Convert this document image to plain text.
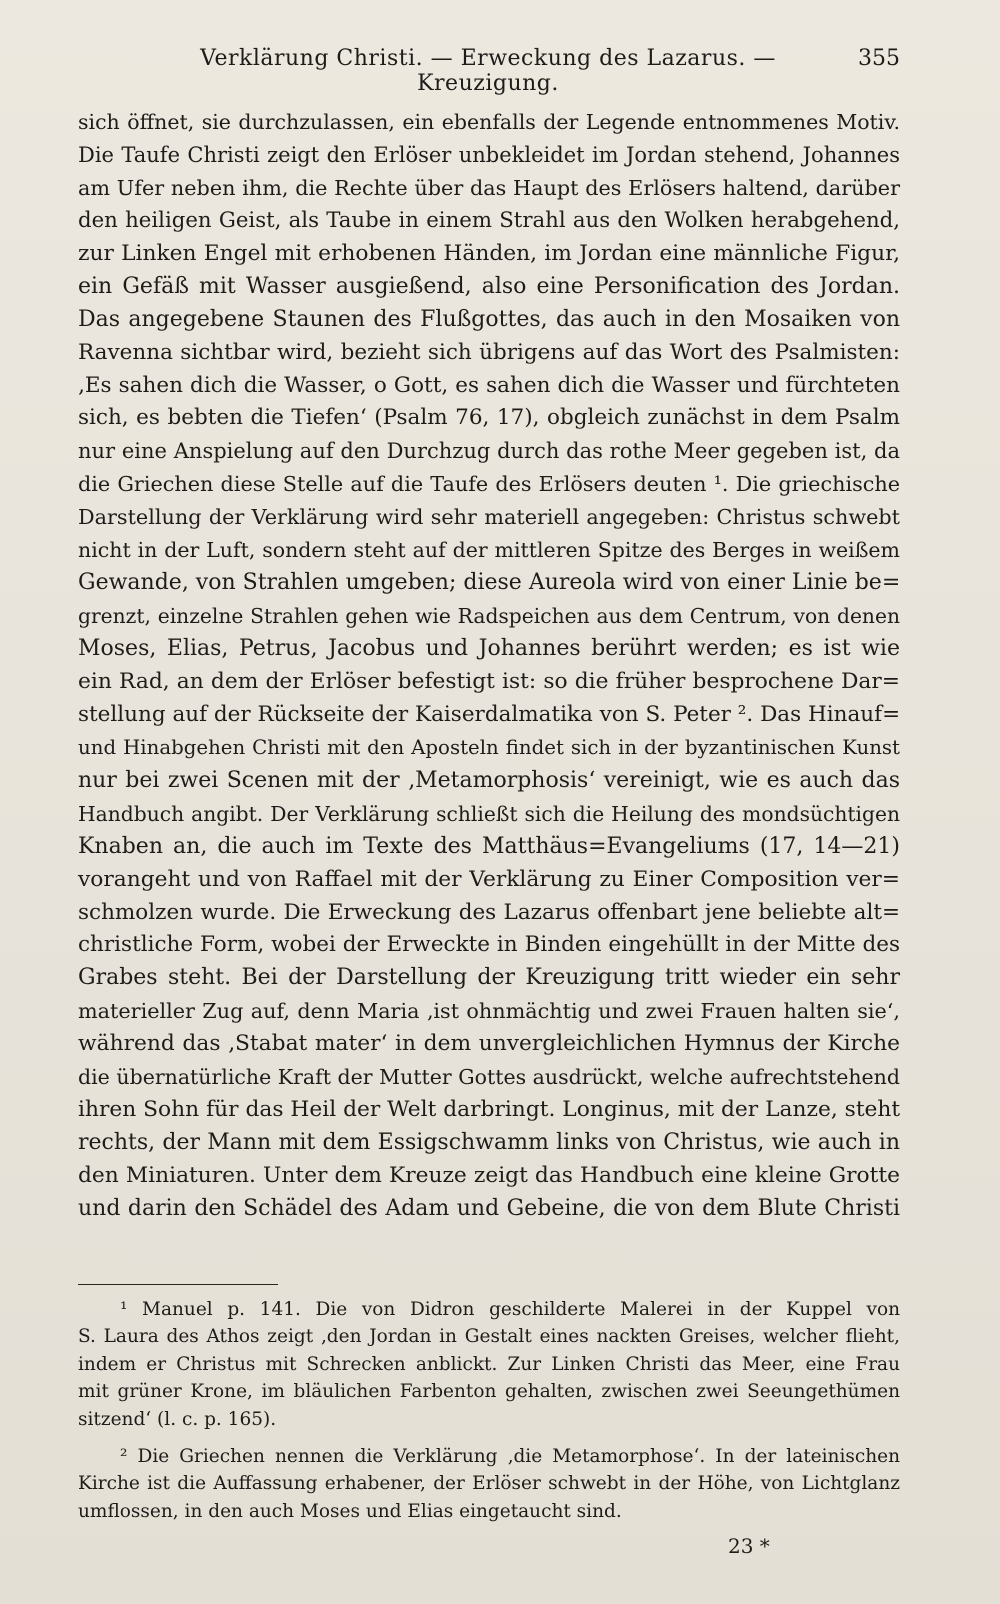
Verklärung Christi. — Erweckung des Lazarus. — Kreuzigung.
355
sich öffnet, sie durchzulassen, ein ebenfalls der Legende entnommenes Motiv.
Die Taufe Christi zeigt den Erlöser unbekleidet im Jordan stehend, Johannes
am Ufer neben ihm, die Rechte über das Haupt des Erlösers haltend, darüber
den heiligen Geist, als Taube in einem Strahl aus den Wolken herabgehend,
zur Linken Engel mit erhobenen Händen, im Jordan eine männliche Figur,
ein Gefäß mit Wasser ausgießend, also eine Personification des Jordan.
Das angegebene Staunen des Flußgottes, das auch in den Mosaiken von
Ravenna sichtbar wird, bezieht sich übrigens auf das Wort des Psalmisten:
‚Es sahen dich die Wasser, o Gott, es sahen dich die Wasser und fürchteten
sich, es bebten die Tiefen‘ (Psalm 76, 17), obgleich zunächst in dem Psalm
nur eine Anspielung auf den Durchzug durch das rothe Meer gegeben ist, da
die Griechen diese Stelle auf die Taufe des Erlösers deuten ¹. Die griechische
Darstellung der Verklärung wird sehr materiell angegeben: Christus schwebt
nicht in der Luft, sondern steht auf der mittleren Spitze des Berges in weißem
Gewande, von Strahlen umgeben; diese Aureola wird von einer Linie be=
grenzt, einzelne Strahlen gehen wie Radspeichen aus dem Centrum, von denen
Moses, Elias, Petrus, Jacobus und Johannes berührt werden; es ist wie
ein Rad, an dem der Erlöser befestigt ist: so die früher besprochene Dar=
stellung auf der Rückseite der Kaiserdalmatika von S. Peter ². Das Hinauf=
und Hinabgehen Christi mit den Aposteln findet sich in der byzantinischen Kunst
nur bei zwei Scenen mit der ‚Metamorphosis‘ vereinigt, wie es auch das
Handbuch angibt. Der Verklärung schließt sich die Heilung des mondsüchtigen
Knaben an, die auch im Texte des Matthäus=Evangeliums (17, 14—21)
vorangeht und von Raffael mit der Verklärung zu Einer Composition ver=
schmolzen wurde. Die Erweckung des Lazarus offenbart jene beliebte alt=
christliche Form, wobei der Erweckte in Binden eingehüllt in der Mitte des
Grabes steht. Bei der Darstellung der Kreuzigung tritt wieder ein sehr
materieller Zug auf, denn Maria ‚ist ohnmächtig und zwei Frauen halten sie‘,
während das ‚Stabat mater‘ in dem unvergleichlichen Hymnus der Kirche
die übernatürliche Kraft der Mutter Gottes ausdrückt, welche aufrechtstehend
ihren Sohn für das Heil der Welt darbringt. Longinus, mit der Lanze, steht
rechts, der Mann mit dem Essigschwamm links von Christus, wie auch in
den Miniaturen. Unter dem Kreuze zeigt das Handbuch eine kleine Grotte
und darin den Schädel des Adam und Gebeine, die von dem Blute Christi
¹ Manuel p. 141. Die von Didron geschilderte Malerei in der Kuppel von
S. Laura des Athos zeigt ‚den Jordan in Gestalt eines nackten Greises, welcher flieht,
indem er Christus mit Schrecken anblickt. Zur Linken Christi das Meer, eine Frau
mit grüner Krone, im bläulichen Farbenton gehalten, zwischen zwei Seeungethümen
sitzend‘ (l. c. p. 165).
² Die Griechen nennen die Verklärung ‚die Metamorphose‘. In der lateinischen
Kirche ist die Auffassung erhabener, der Erlöser schwebt in der Höhe, von Lichtglanz
umflossen, in den auch Moses und Elias eingetaucht sind.
23 *
